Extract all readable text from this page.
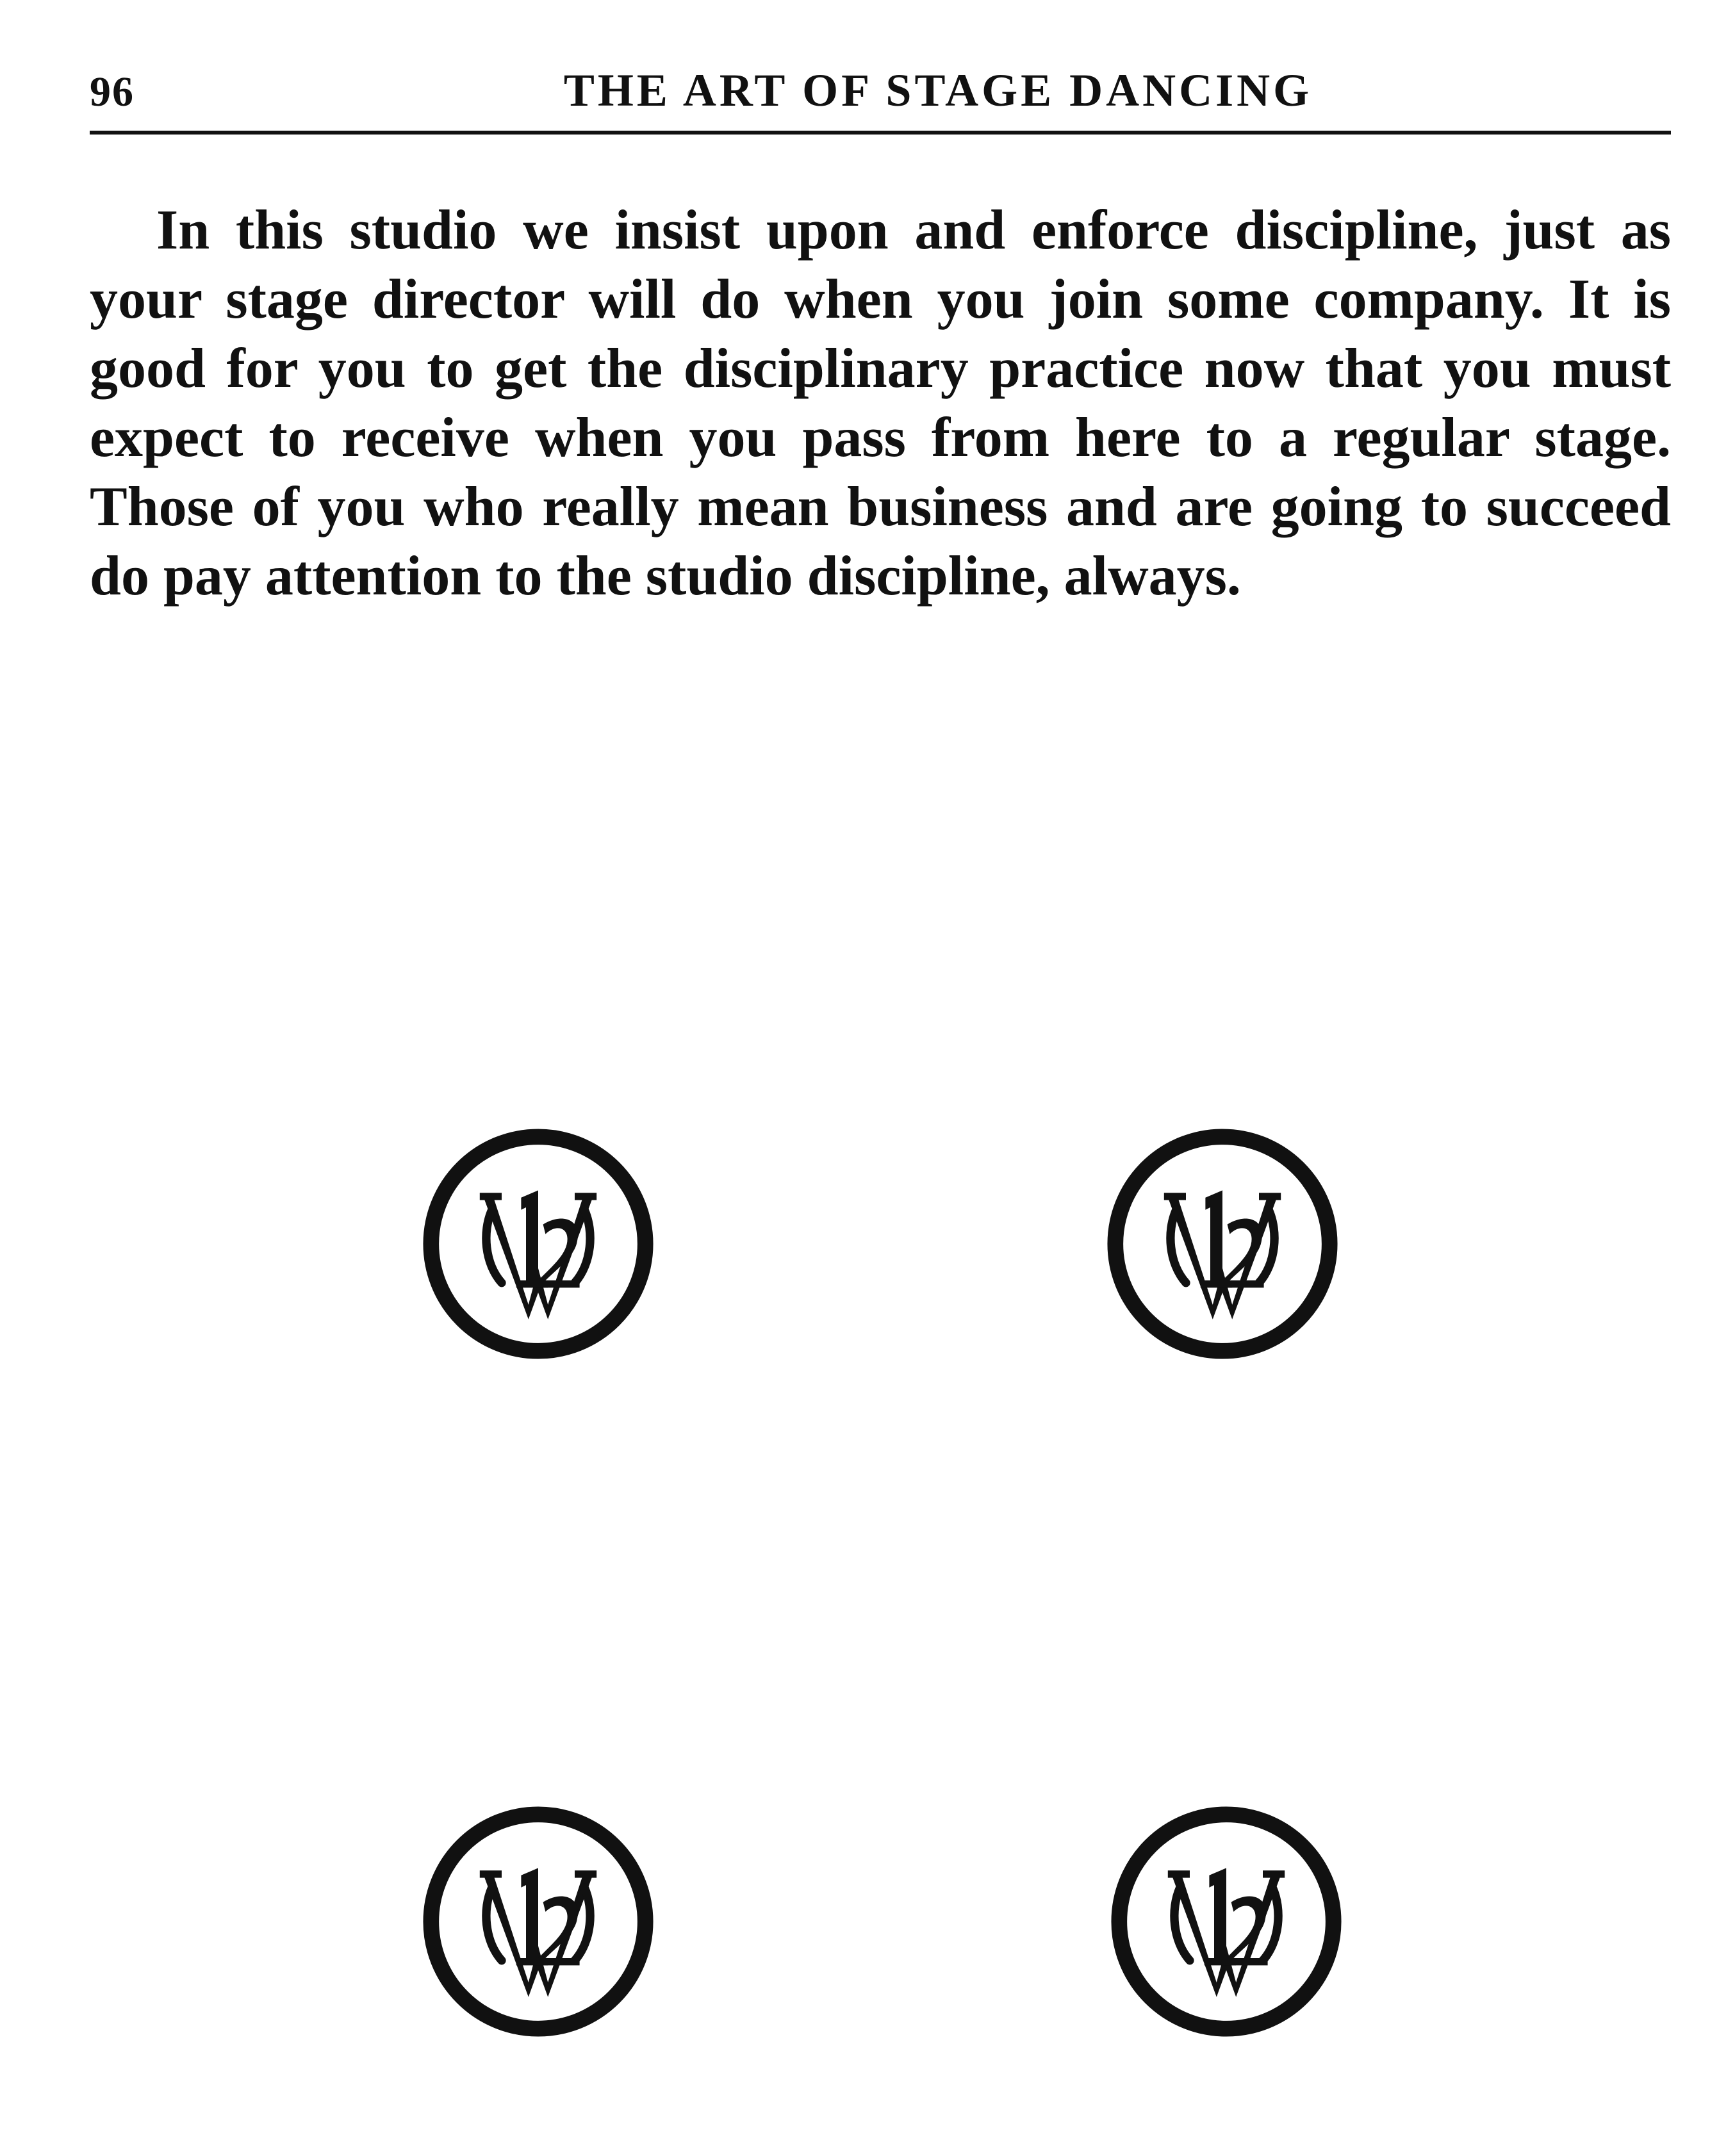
96	THE ART OF STAGE DANCING

In this studio we insist upon and enforce discipline, just as your stage director will do when you join some company. It is good for you to get the disciplinary practice now that you must expect to receive when you pass from here to a regular stage. Those of you who really mean business and are going to succeed do pay attention to the studio discipline, always.
